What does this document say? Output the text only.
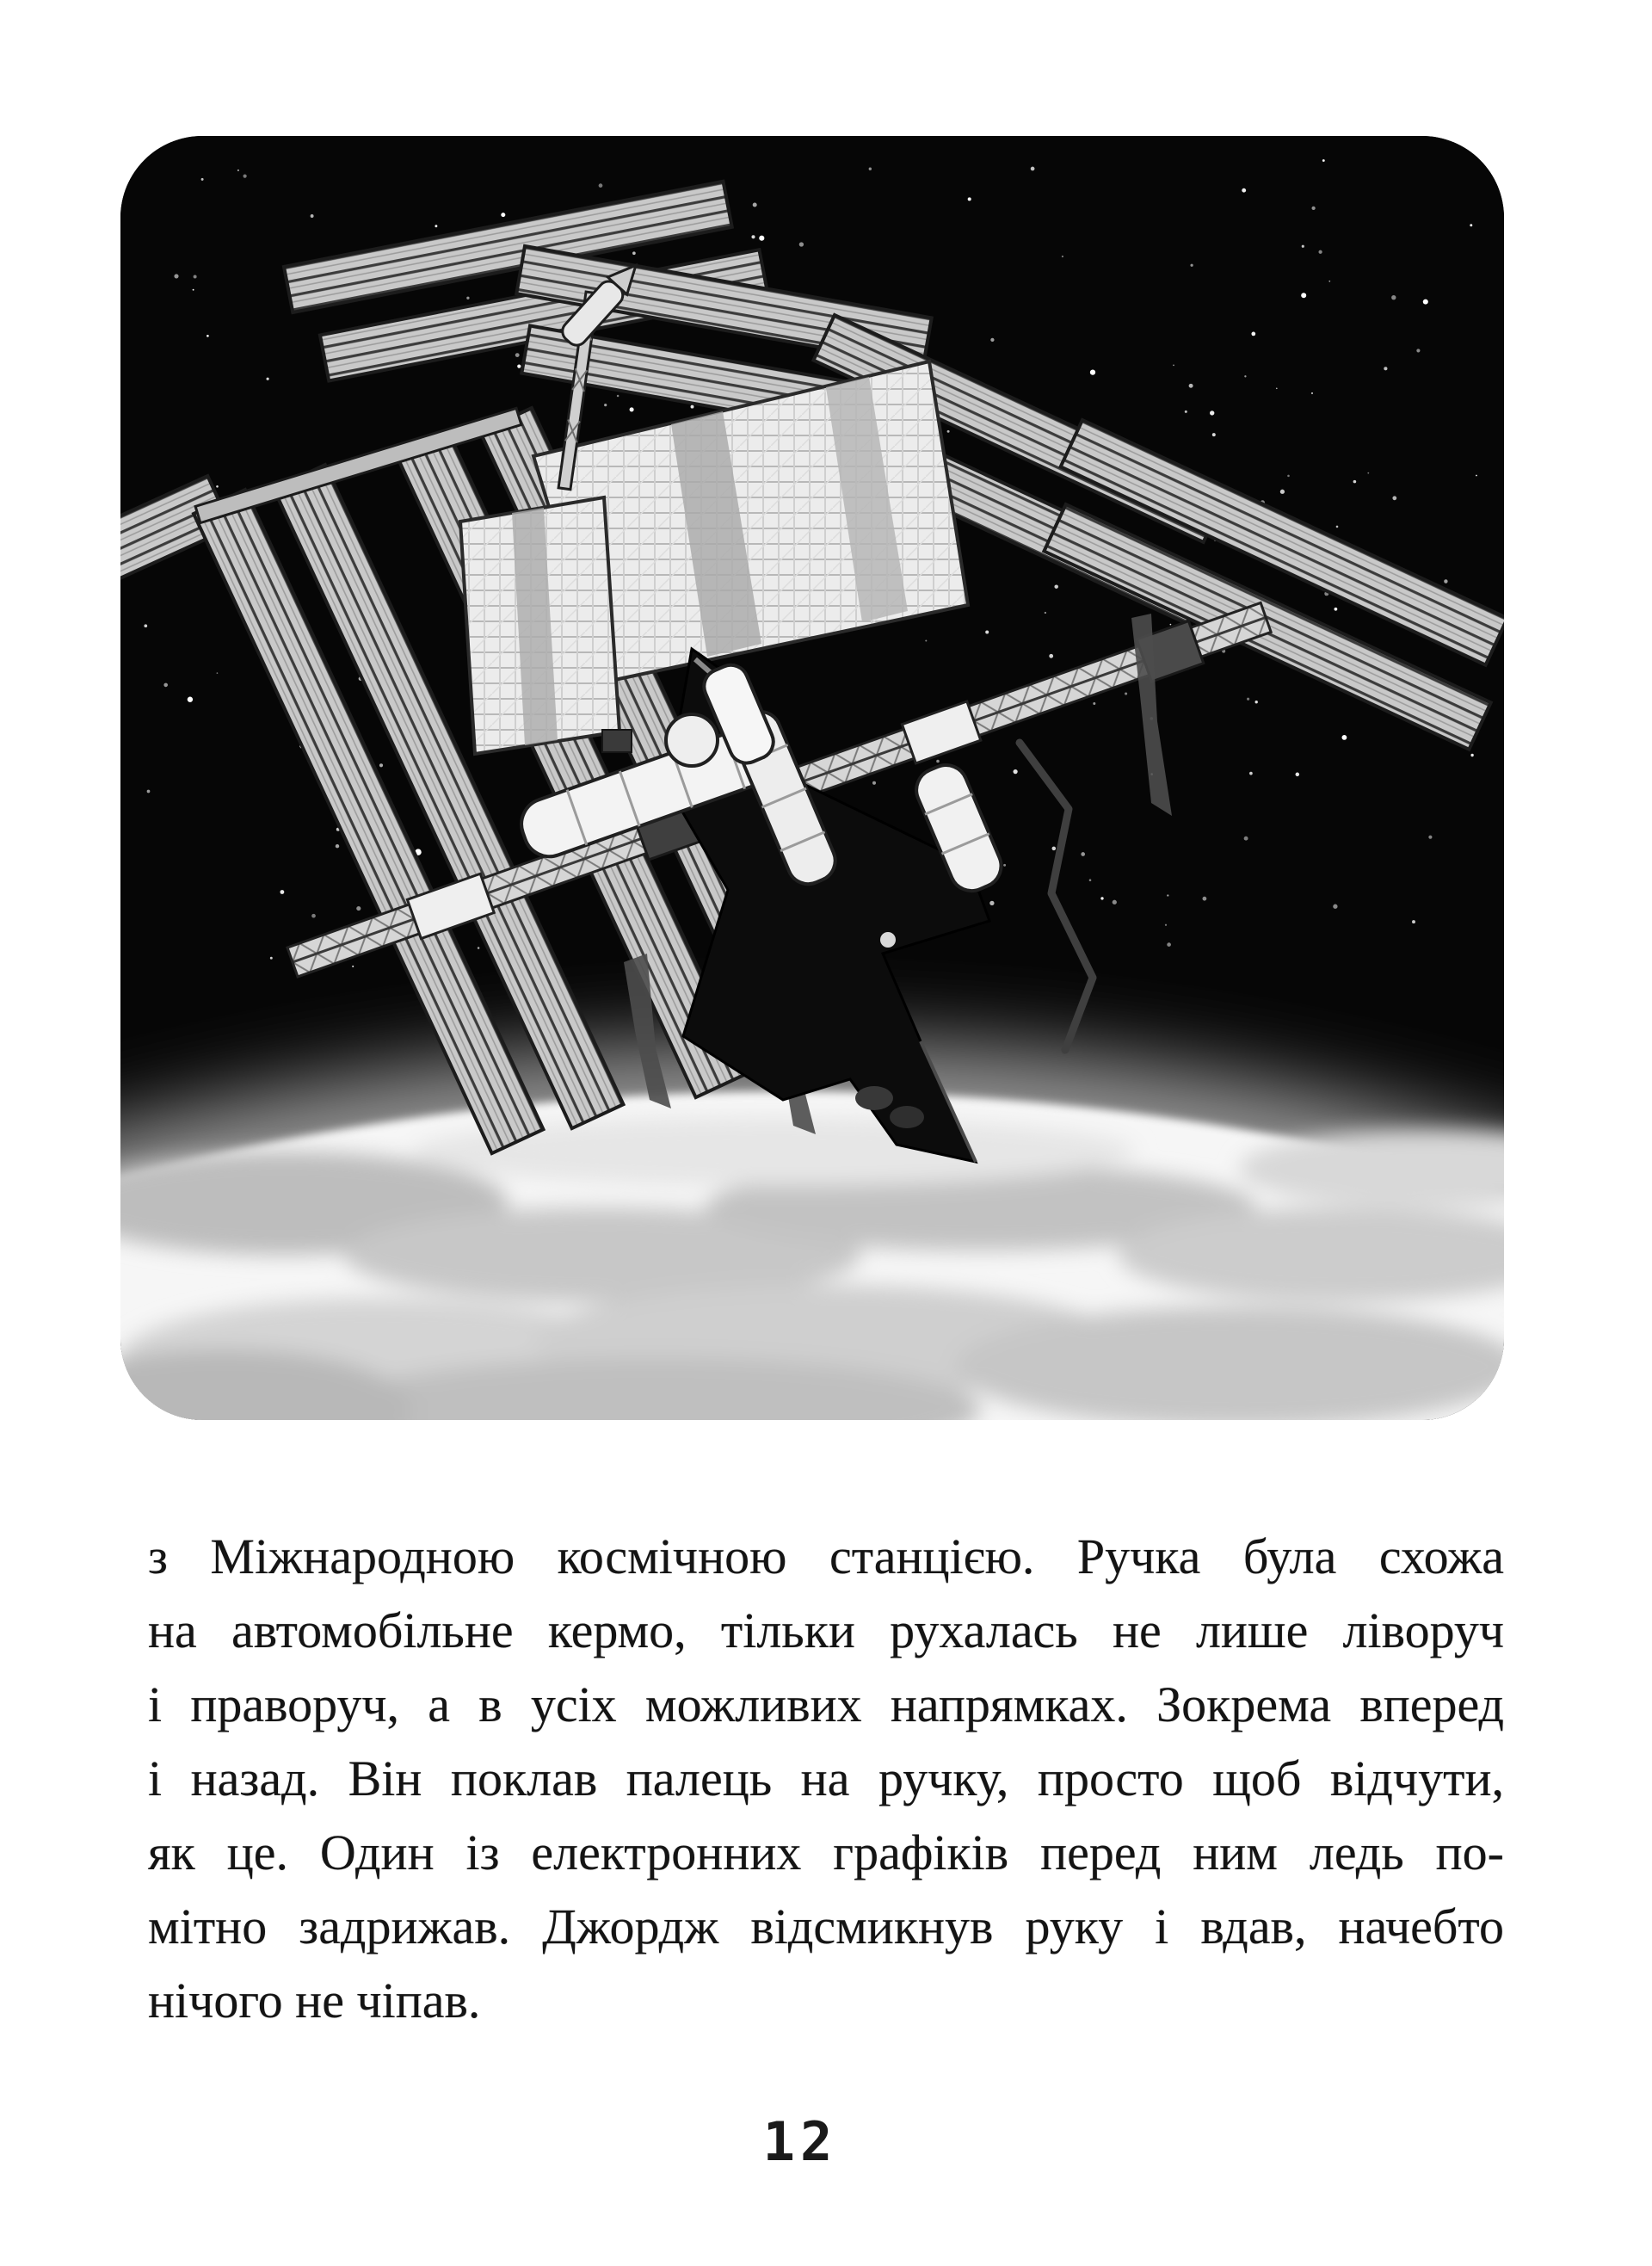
з Міжнародною космічною станцією. Ручка була схожа
на автомобільне кермо, тільки рухалась не лише ліворуч
і праворуч, а в усіх можливих напрямках. Зокрема вперед
і назад. Він поклав палець на ручку, просто щоб відчути,
як це. Один із електронних графіків перед ним ледь по-
мітно задрижав. Джордж відсмикнув руку і вдав, начебто
нічого не чіпав.
12
